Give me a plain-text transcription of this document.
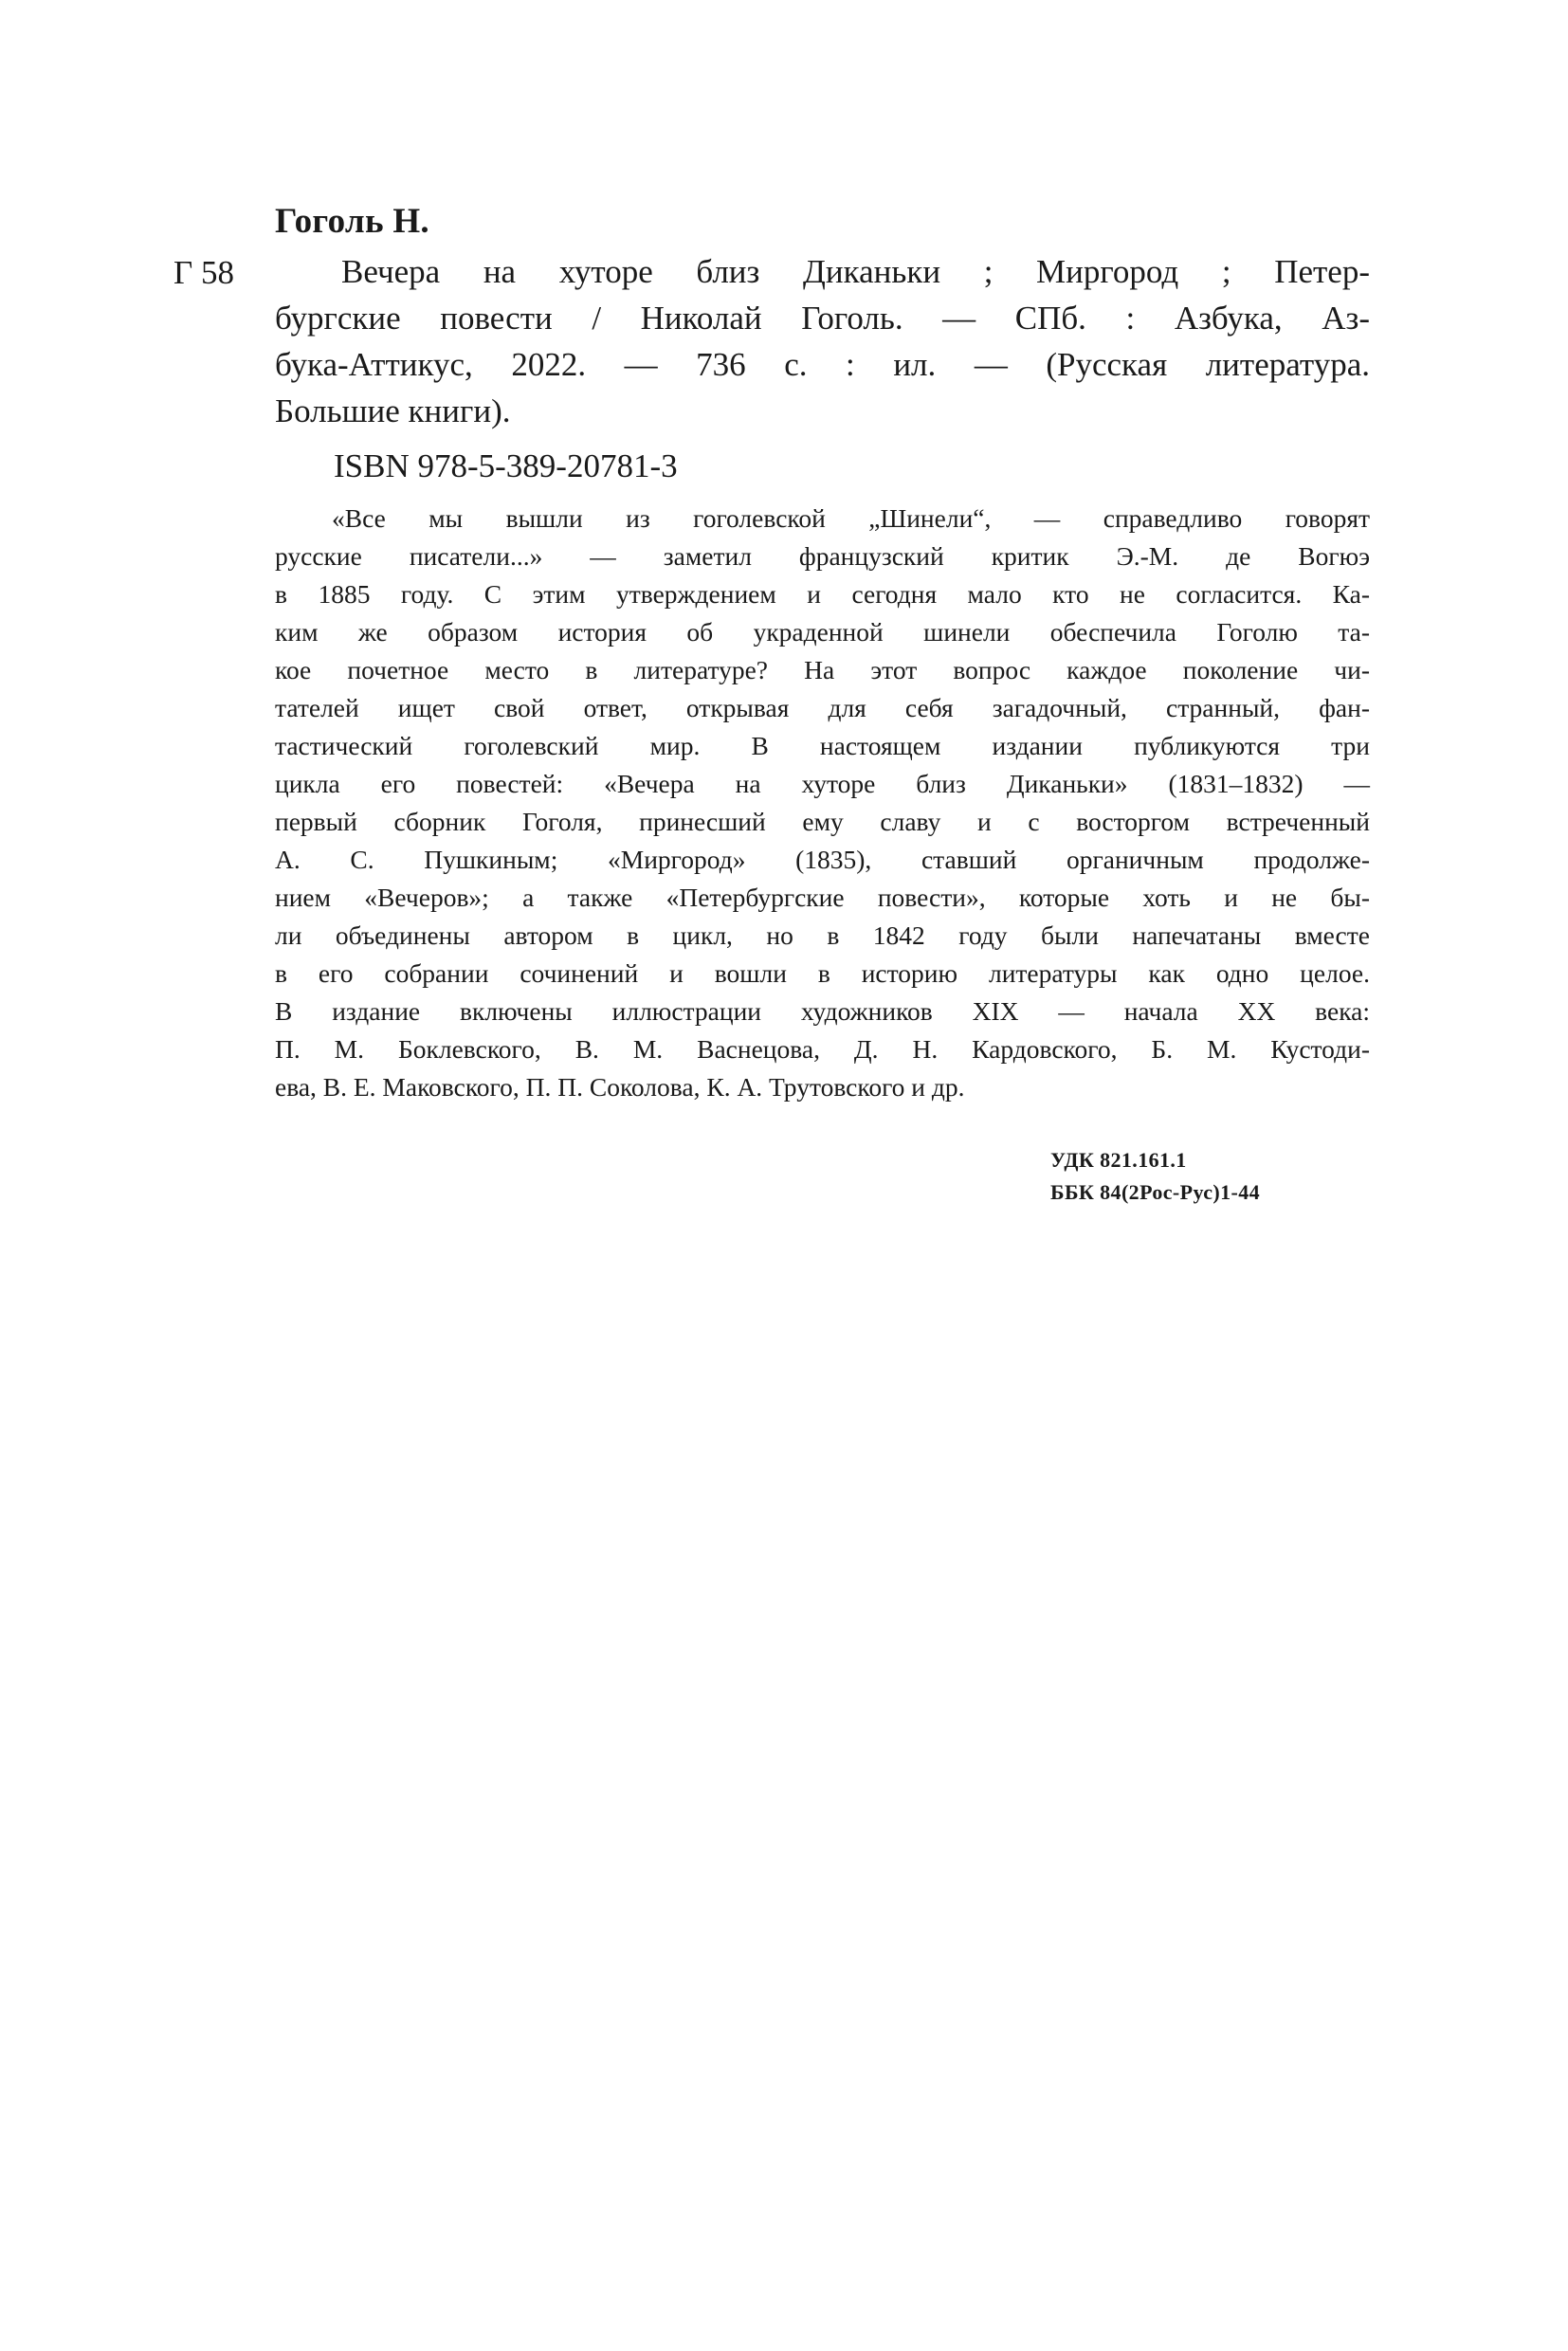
Гоголь Н.
Г 58	Вечера на хуторе близ Диканьки ; Миргород ; Петер-
бургские повести / Николай Гоголь. — СПб. : Азбука, Аз-
бука-Аттикус, 2022. — 736 с. : ил. — (Русская литература.
Большие книги).
ISBN 978-5-389-20781-3
«Все мы вышли из гоголевской „Шинели“, — справедливо говорят
русские писатели...» — заметил французский критик Э.-М. де Вогюэ
в 1885 году. С этим утверждением и сегодня мало кто не согласится. Ка-
ким же образом история об украденной шинели обеспечила Гоголю та-
кое почетное место в литературе? На этот вопрос каждое поколение чи-
тателей ищет свой ответ, открывая для себя загадочный, странный, фан-
тастический гоголевский мир. В настоящем издании публикуются три
цикла его повестей: «Вечера на хуторе близ Диканьки» (1831–1832) —
первый сборник Гоголя, принесший ему славу и с восторгом встреченный
А. С. Пушкиным; «Миргород» (1835), ставший органичным продолже-
нием «Вечеров»; а также «Петербургские повести», которые хоть и не бы-
ли объединены автором в цикл, но в 1842 году были напечатаны вместе
в его собрании сочинений и вошли в историю литературы как одно целое.
В издание включены иллюстрации художников XIX — начала XX века:
П. М. Боклевского, В. М. Васнецова, Д. Н. Кардовского, Б. М. Кустоди-
ева, В. Е. Маковского, П. П. Соколова, К. А. Трутовского и др.
УДК 821.161.1
ББК 84(2Рос-Рус)1-44
